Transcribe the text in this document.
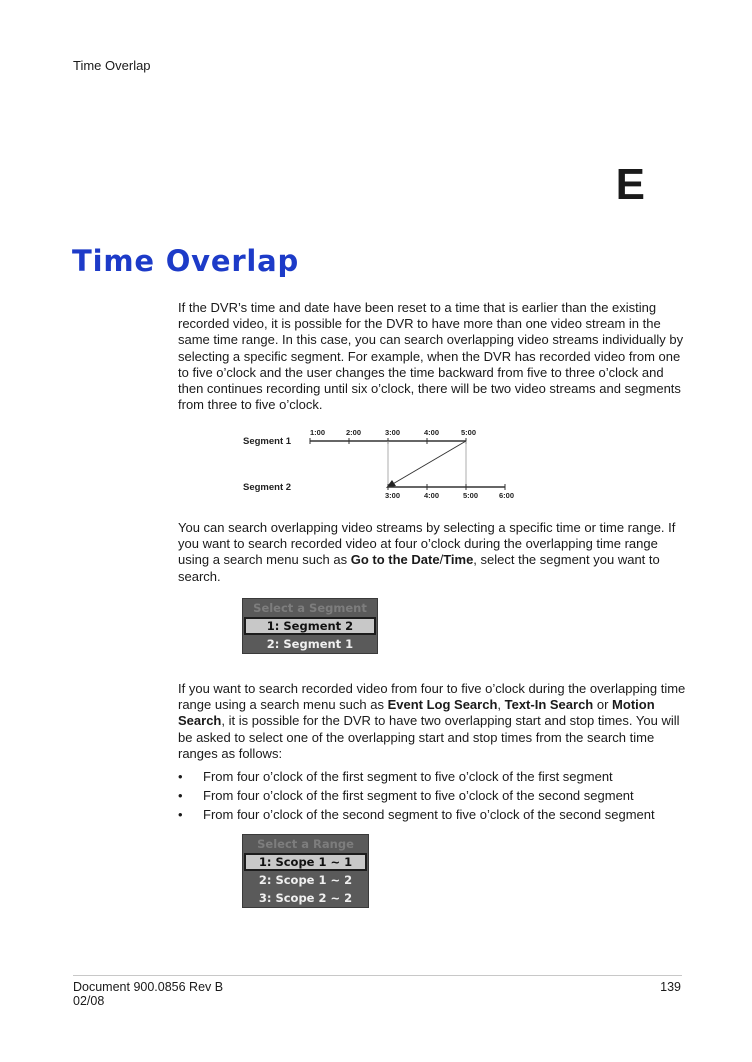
Time Overlap
E
Time Overlap

If the DVR’s time and date have been reset to a time that is earlier than the existing recorded video, it is possible for the DVR to have more than one video stream in the same time range. In this case, you can search overlapping video streams individually by selecting a specific segment. For example, when the DVR has recorded video from one to five o’clock and the user changes the time backward from five to three o’clock and then continues recording until six o’clock, there will be two video streams and segments from three to five o’clock.

Segment 1
Segment 2
1:00	2:00	3:00	4:00	5:00
3:00	4:00	5:00	6:00

You can search overlapping video streams by selecting a specific time or time range. If you want to search recorded video at four o’clock during the overlapping time range using a search menu such as Go to the Date/Time, select the segment you want to search.

Select a Segment
1: Segment 2
2: Segment 1

If you want to search recorded video from four to five o’clock during the overlapping time range using a search menu such as Event Log Search, Text-In Search or Motion Search, it is possible for the DVR to have two overlapping start and stop times. You will be asked to select one of the overlapping start and stop times from the search time ranges as follows:

• From four o’clock of the first segment to five o’clock of the first segment
• From four o’clock of the first segment to five o’clock of the second segment
• From four o’clock of the second segment to five o’clock of the second segment
Select a Range
1: Scope 1 ~ 1
2: Scope 1 ~ 2
3: Scope 2 ~ 2
Document 900.0856 Rev B
02/08
139
